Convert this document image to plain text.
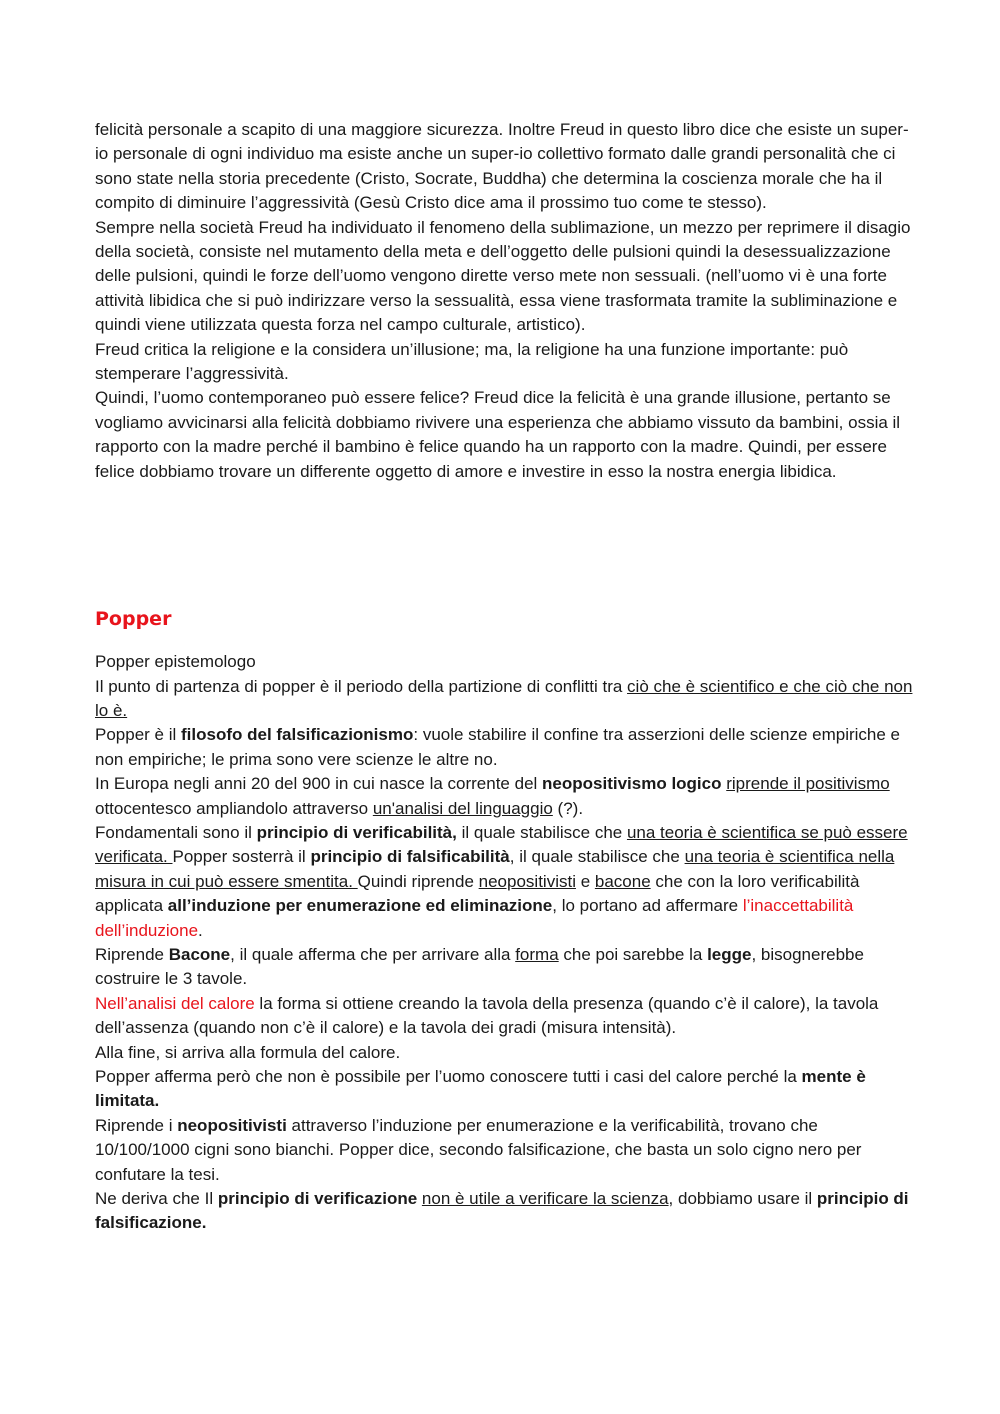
felicità personale a scapito di una maggiore sicurezza. Inoltre Freud in questo libro dice che esiste un super-io personale di ogni individuo ma esiste anche un super-io collettivo formato dalle grandi personalità che ci sono state nella storia precedente (Cristo, Socrate, Buddha) che determina la coscienza morale che ha il compito di diminuire l’aggressività (Gesù Cristo dice ama il prossimo tuo come te stesso).

Sempre nella società Freud ha individuato il fenomeno della sublimazione, un mezzo per reprimere il disagio della società, consiste nel mutamento della meta e dell’oggetto delle pulsioni quindi la desessualizzazione delle pulsioni, quindi le forze dell’uomo vengono dirette verso mete non sessuali. (nell’uomo vi è una forte attività libidica che si può indirizzare verso la sessualità, essa viene trasformata tramite la subliminazione e quindi viene utilizzata questa forza nel campo culturale, artistico).

Freud critica la religione e la considera un’illusione; ma, la religione ha una funzione importante: può stemperare l’aggressività.

Quindi, l’uomo contemporaneo può essere felice? Freud dice la felicità è una grande illusione, pertanto se vogliamo avvicinarsi alla felicità dobbiamo rivivere una esperienza che abbiamo vissuto da bambini, ossia il rapporto con la madre perché il bambino è felice quando ha un rapporto con la madre. Quindi, per essere felice dobbiamo trovare un differente oggetto di amore e investire in esso la nostra energia libidica.

Popper

Popper epistemologo

Il punto di partenza di popper è il periodo della partizione di conflitti tra ciò che è scientifico e che ciò che non lo è.

Popper è il filosofo del falsificazionismo: vuole stabilire il confine tra asserzioni delle scienze empiriche e non empiriche; le prima sono vere scienze le altre no.

In Europa negli anni 20 del 900 in cui nasce la corrente del neopositivismo logico riprende il positivismo ottocentesco ampliandolo attraverso un'analisi del linguaggio (?).

Fondamentali sono il principio di verificabilità, il quale stabilisce che una teoria è scientifica se può essere verificata. Popper sosterrà il principio di falsificabilità, il quale stabilisce che una teoria è scientifica nella misura in cui può essere smentita. Quindi riprende neopositivisti e bacone che con la loro verificabilità applicata all’induzione per enumerazione ed eliminazione, lo portano ad affermare l’inaccettabilità dell’induzione.

Riprende Bacone, il quale afferma che per arrivare alla forma che poi sarebbe la legge, bisognerebbe costruire le 3 tavole.

Nell’analisi del calore la forma si ottiene creando la tavola della presenza (quando c’è il calore), la tavola dell’assenza (quando non c’è il calore) e la tavola dei gradi (misura intensità).

Alla fine, si arriva alla formula del calore.

Popper afferma però che non è possibile per l’uomo conoscere tutti i casi del calore perché la mente è limitata.

Riprende i neopositivisti attraverso l’induzione per enumerazione e la verificabilità, trovano che 10/100/1000 cigni sono bianchi. Popper dice, secondo falsificazione, che basta un solo cigno nero per confutare la tesi.

Ne deriva che Il principio di verificazione non è utile a verificare la scienza, dobbiamo usare il principio di falsificazione.
